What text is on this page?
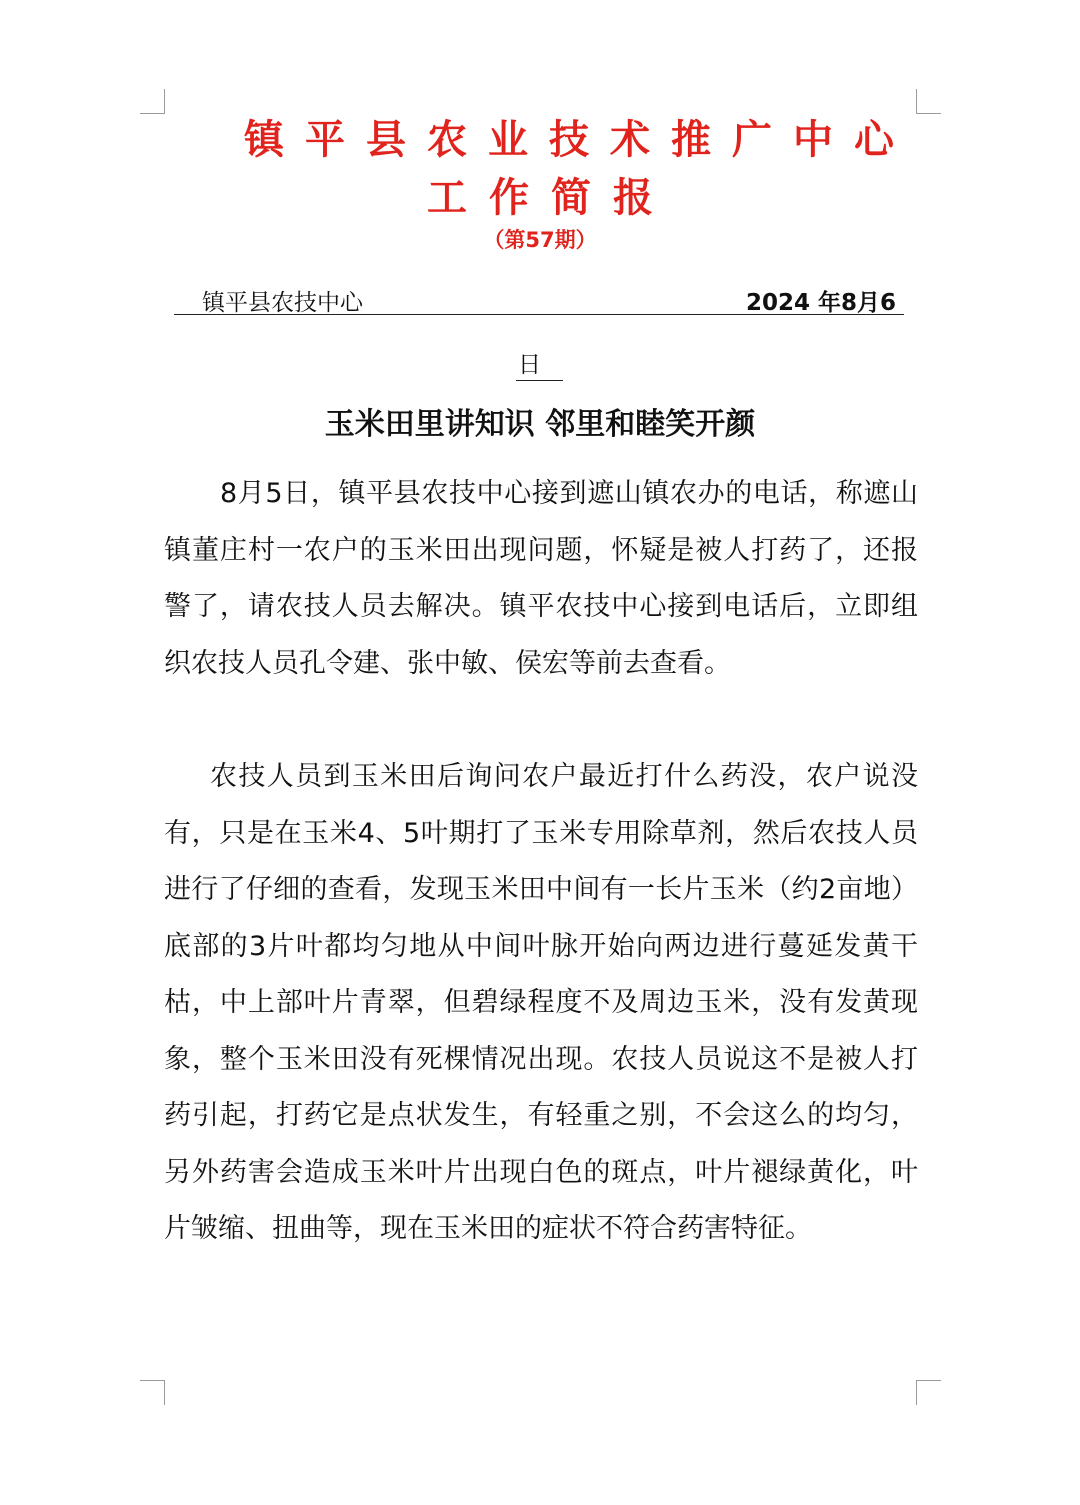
镇平县农业技术推广中心
工作简报
（第57期）
镇平县农技中心	2024 年8月6
日
玉米田里讲知识 邻里和睦笑开颜

8月5日，镇平县农技中心接到遮山镇农办的电话，称遮山镇董庄村一农户的玉米田出现问题，怀疑是被人打药了，还报警了，请农技人员去解决。镇平农技中心接到电话后，立即组织农技人员孔令建、张中敏、侯宏等前去查看。

农技人员到玉米田后询问农户最近打什么药没，农户说没有，只是在玉米4、5叶期打了玉米专用除草剂，然后农技人员进行了仔细的查看，发现玉米田中间有一长片玉米（约2亩地）底部的3片叶都均匀地从中间叶脉开始向两边进行蔓延发黄干枯，中上部叶片青翠，但碧绿程度不及周边玉米，没有发黄现象，整个玉米田没有死棵情况出现。农技人员说这不是被人打药引起，打药它是点状发生，有轻重之别，不会这么的均匀，另外药害会造成玉米叶片出现白色的斑点，叶片褪绿黄化，叶片皱缩、扭曲等，现在玉米田的症状不符合药害特征。
